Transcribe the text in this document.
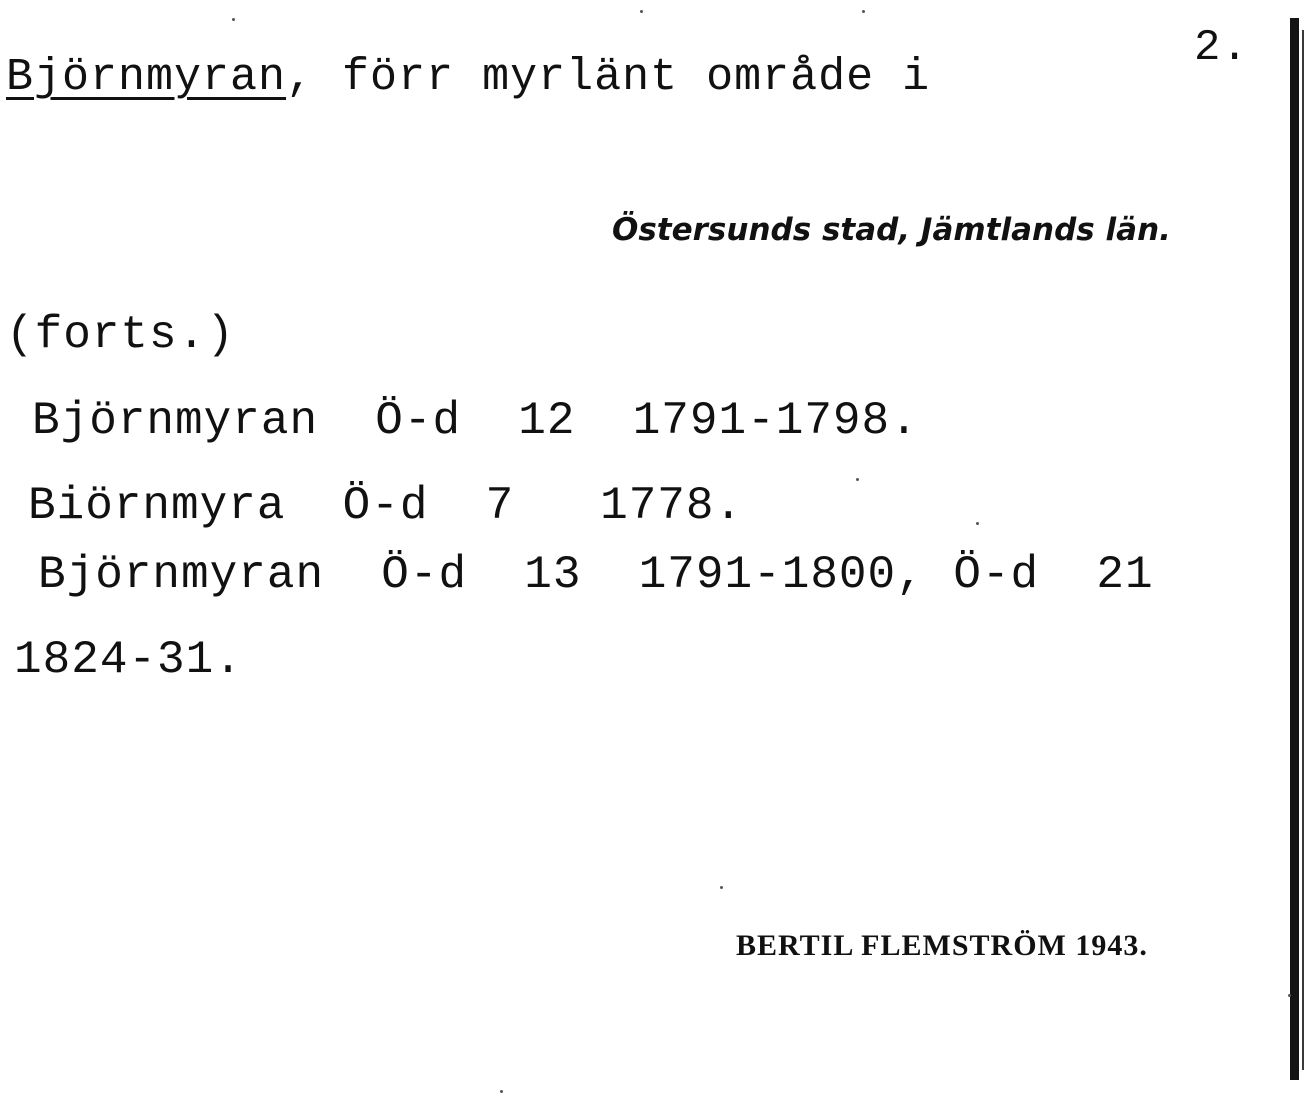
2.
Björnmyran, förr myrlänt område i
Östersunds stad, Jämtlands län.
(forts.)
Björnmyran  Ö-d  12  1791-1798.
Biörnmyra  Ö-d  7   1778.
Björnmyran  Ö-d  13  1791-1800, Ö-d  21
1824-31.
BERTIL FLEMSTRÖM 1943.
